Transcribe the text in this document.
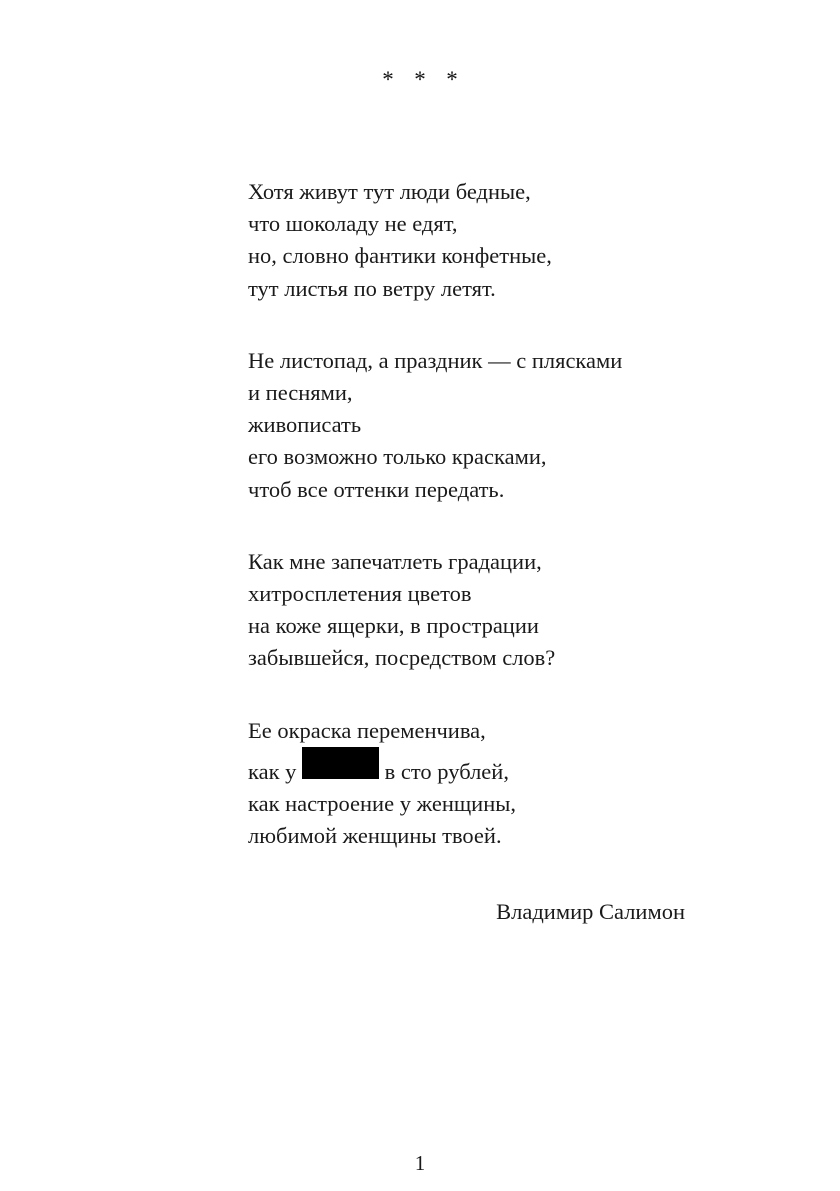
* * *
Хотя живут тут люди бедные,
что шоколаду не едят,
но, словно фантики конфетные,
тут листья по ветру летят.
Не листопад, а праздник — с плясками
и песнями,
живописать
его возможно только красками,
чтоб все оттенки передать.
Как мне запечатлеть градации,
хитросплетения цветов
на коже ящерки, в прострации
забывшейся, посредством слов?
Ее окраска переменчива,
как у	в сто рублей,
как настроение у женщины,
любимой женщины твоей.
Владимир Салимон
1
